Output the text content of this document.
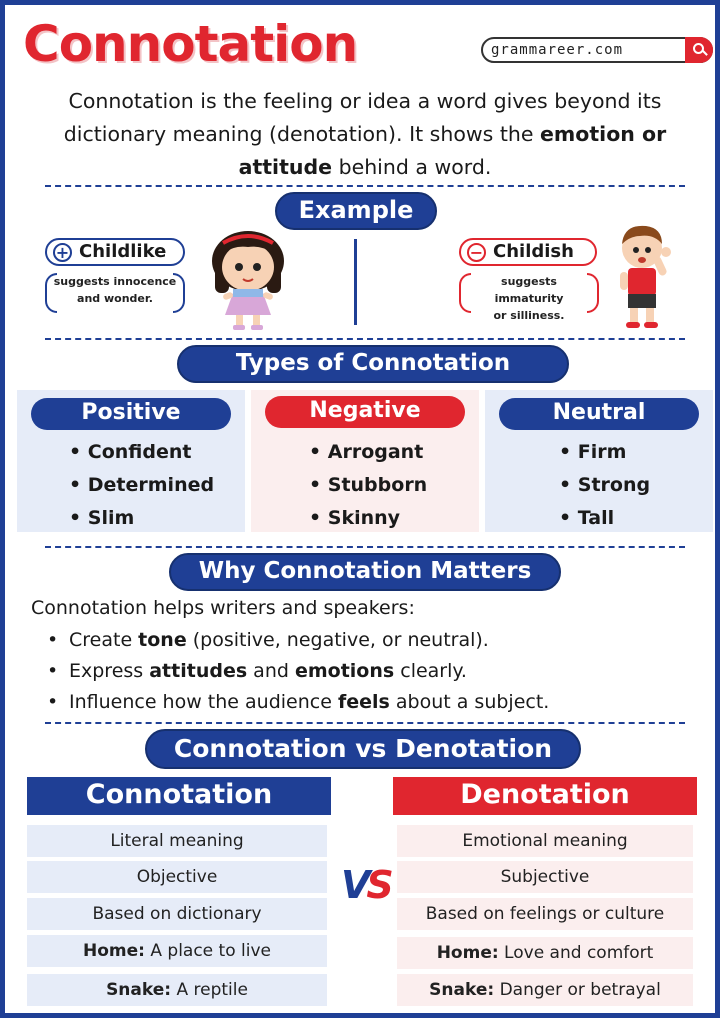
Connotation	grammareer.com

Connotation is the feeling or idea a word gives beyond its dictionary meaning (denotation). It shows the emotion or attitude behind a word.

Example
+ Childlike
suggests innocence
and wonder.
− Childish
suggests immaturity
or silliness.
Types of Connotation
Positive
• Confident
• Determined
• Slim
Negative
• Arrogant
• Stubborn
• Skinny
Neutral
• Firm
• Strong
• Tall
Why Connotation Matters

Connotation helps writers and speakers:

• Create tone (positive, negative, or neutral).
• Express attitudes and emotions clearly.
• Influence how the audience feels about a subject.
Connotation vs Denotation
Connotation	Denotation
Literal meaning
Objective
Based on dictionary
Home: A place to live
Snake: A reptile
VS
Emotional meaning
Subjective
Based on feelings or culture
Home: Love and comfort
Snake: Danger or betrayal
